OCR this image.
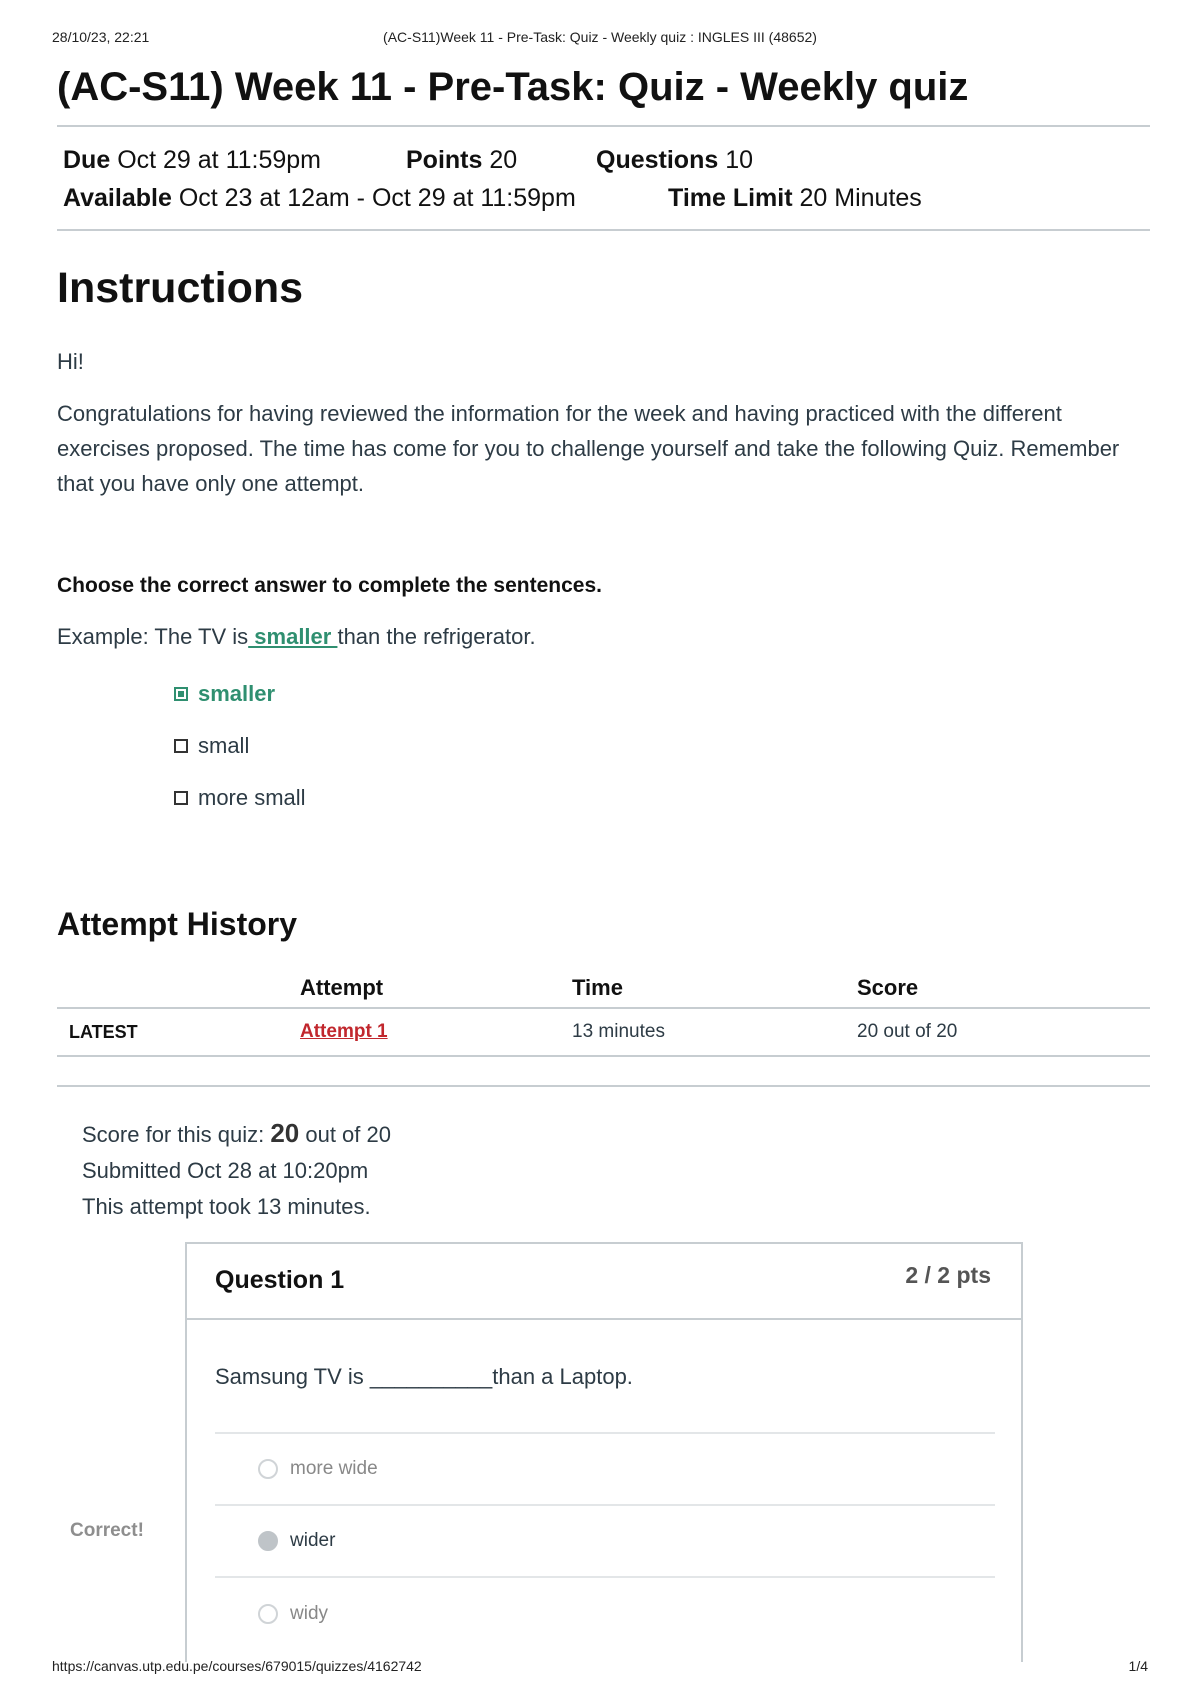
28/10/23, 22:21	(AC-S11)Week 11 - Pre-Task: Quiz - Weekly quiz : INGLES III (48652)
(AC-S11) Week 11 - Pre-Task: Quiz - Weekly quiz
Due Oct 29 at 11:59pm	Points 20	Questions 10
Available Oct 23 at 12am - Oct 29 at 11:59pm	Time Limit 20 Minutes
Instructions

Hi!

Congratulations for having reviewed the information for the week and having practiced with the different exercises proposed. The time has come for you to challenge yourself and take the following Quiz. Remember that you have only one attempt.

Choose the correct answer to complete the sentences.

Example: The TV is smaller than the refrigerator.

smaller
small
more small
Attempt History
	Attempt	Time	Score
LATEST	Attempt 1	13 minutes	20 out of 20
Score for this quiz: 20 out of 20
Submitted Oct 28 at 10:20pm
This attempt took 13 minutes.
Correct!
Question 1	2 / 2 pts
Samsung TV is __________than a Laptop.
more wide
wider
widy
https://canvas.utp.edu.pe/courses/679015/quizzes/4162742	1/4
